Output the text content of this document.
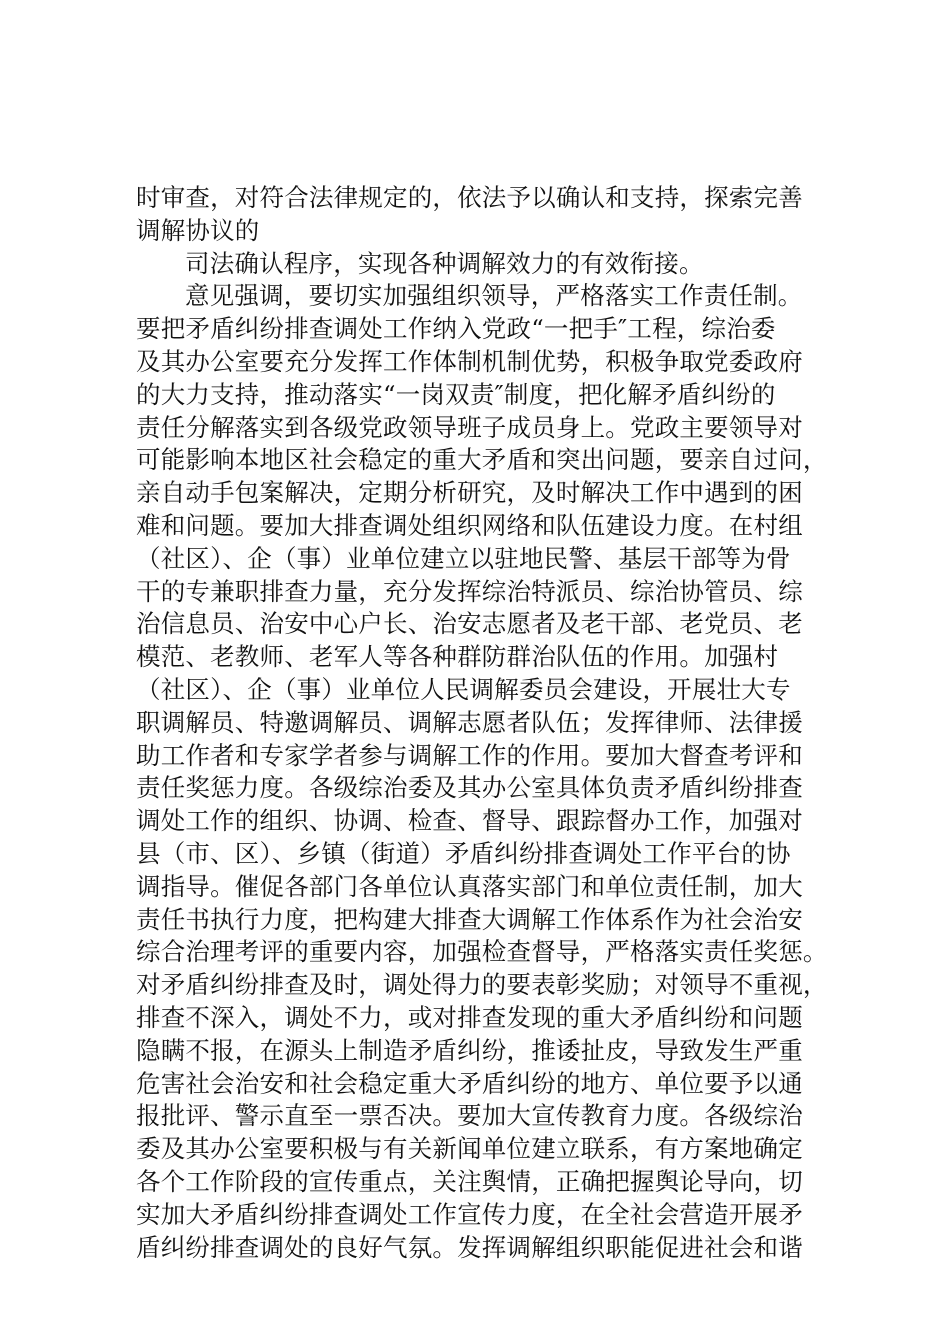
时审查，对符合法律规定的，依法予以确认和支持，探索完善
调解协议的
司法确认程序，实现各种调解效力的有效衔接。
意见强调，要切实加强组织领导，严格落实工作责任制。
要把矛盾纠纷排查调处工作纳入党政“一把手″工程，综治委
及其办公室要充分发挥工作体制机制优势，积极争取党委政府
的大力支持，推动落实“一岗双责″制度，把化解矛盾纠纷的
责任分解落实到各级党政领导班子成员身上。党政主要领导对
可能影响本地区社会稳定的重大矛盾和突出问题，要亲自过问，
亲自动手包案解决，定期分析研究，及时解决工作中遇到的困
难和问题。要加大排查调处组织网络和队伍建设力度。在村组
（社区）、企（事）业单位建立以驻地民警、基层干部等为骨
干的专兼职排查力量，充分发挥综治特派员、综治协管员、综
治信息员、治安中心户长、治安志愿者及老干部、老党员、老
模范、老教师、老军人等各种群防群治队伍的作用。加强村
（社区）、企（事）业单位人民调解委员会建设，开展壮大专
职调解员、特邀调解员、调解志愿者队伍；发挥律师、法律援
助工作者和专家学者参与调解工作的作用。要加大督查考评和
责任奖惩力度。各级综治委及其办公室具体负责矛盾纠纷排查
调处工作的组织、协调、检查、督导、跟踪督办工作，加强对
县（市、区）、乡镇（街道）矛盾纠纷排查调处工作平台的协
调指导。催促各部门各单位认真落实部门和单位责任制，加大
责任书执行力度，把构建大排查大调解工作体系作为社会治安
综合治理考评的重要内容，加强检查督导，严格落实责任奖惩。
对矛盾纠纷排查及时，调处得力的要表彰奖励；对领导不重视，
排查不深入，调处不力，或对排查发现的重大矛盾纠纷和问题
隐瞒不报，在源头上制造矛盾纠纷，推诿扯皮，导致发生严重
危害社会治安和社会稳定重大矛盾纠纷的地方、单位要予以通
报批评、警示直至一票否决。要加大宣传教育力度。各级综治
委及其办公室要积极与有关新闻单位建立联系，有方案地确定
各个工作阶段的宣传重点，关注舆情，正确把握舆论导向，切
实加大矛盾纠纷排查调处工作宣传力度，在全社会营造开展矛
盾纠纷排查调处的良好气氛。发挥调解组织职能促进社会和谐
